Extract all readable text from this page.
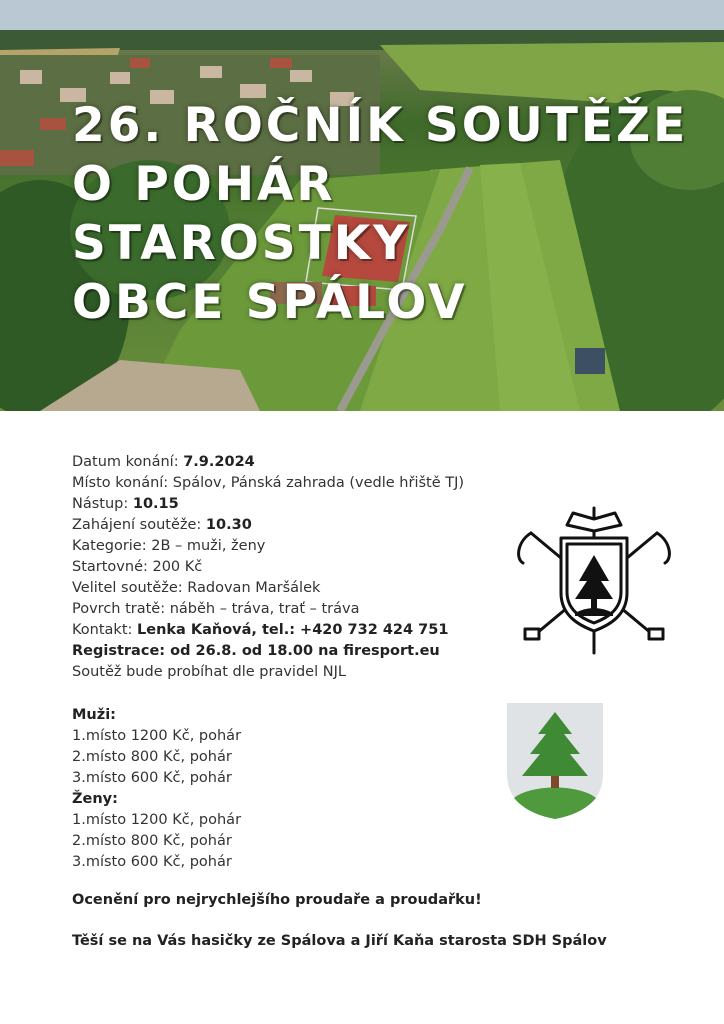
26. ROČNÍK SOUTĚŽE
O POHÁR
STAROSTKY
OBCE SPÁLOV
Datum konání: 7.9.2024
Místo konání: Spálov, Pánská zahrada (vedle hřiště TJ)
Nástup: 10.15
Zahájení soutěže: 10.30
Kategorie: 2B – muži, ženy
Startovné: 200 Kč
Velitel soutěže: Radovan Maršálek
Povrch tratě: náběh – tráva, trať – tráva
Kontakt: Lenka Kaňová, tel.: +420 732 424 751
Registrace: od 26.8. od 18.00 na firesport.eu
Soutěž bude probíhat dle pravidel NJL
Muži:
1.místo 1200 Kč, pohár
2.místo 800 Kč, pohár
3.místo 600 Kč, pohár
Ženy:
1.místo 1200 Kč, pohár
2.místo 800 Kč, pohár
3.místo 600 Kč, pohár
Ocenění pro nejrychlejšího proudaře a proudařku!
Těší se na Vás hasičky ze Spálova a Jiří Kaňa starosta SDH Spálov
